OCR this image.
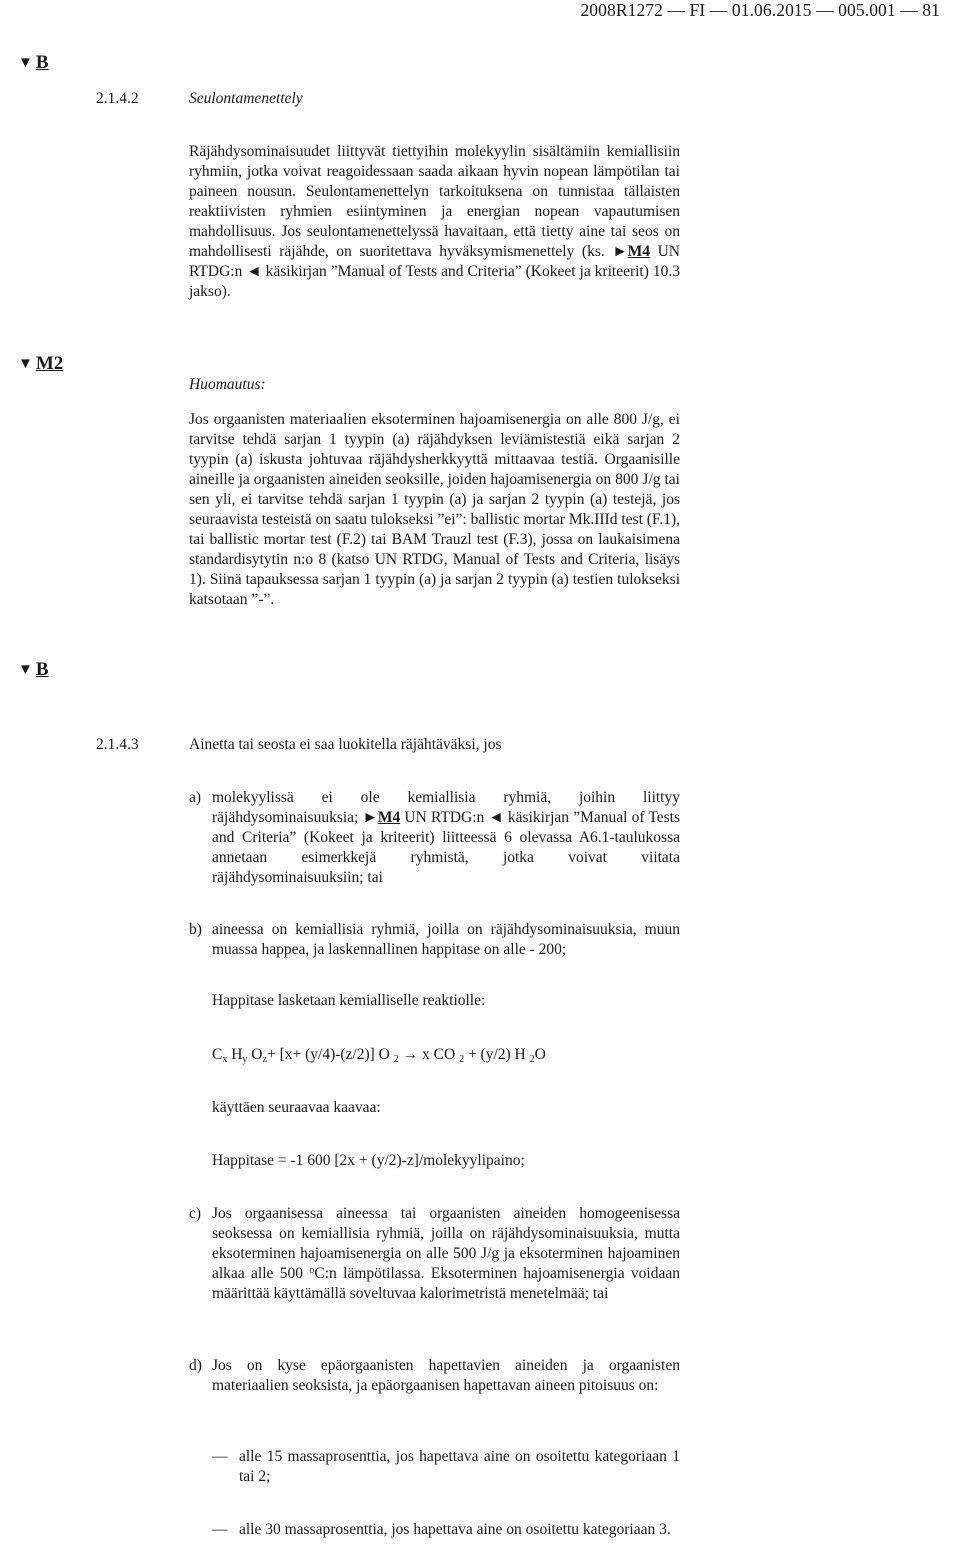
2008R1272 — FI — 01.06.2015 — 005.001 — 81
▼ B
2.1.4.2	Seulontamenettely
Räjähdysominaisuudet liittyvät tiettyihin molekyylin sisältämiin kemiallisiin ryhmiin, jotka voivat reagoidessaan saada aikaan hyvin nopean lämpötilan tai paineen nousun. Seulontamenettelyn tarkoituksena on tunnistaa tällaisten reaktiivisten ryhmien esiintyminen ja energian nopean vapautumisen mahdollisuus. Jos seulontamenettelyssä havaitaan, että tietty aine tai seos on mahdollisesti räjähde, on suoritettava hyväksymismenettely (ks. ►M4 UN RTDG:n ◄ käsikirjan ”Manual of Tests and Criteria” (Kokeet ja kriteerit) 10.3 jakso).
▼ M2
Huomautus:
Jos orgaanisten materiaalien eksoterminen hajoamisenergia on alle 800 J/g, ei tarvitse tehdä sarjan 1 tyypin (a) räjähdyksen leviämistestiä eikä sarjan 2 tyypin (a) iskusta johtuvaa räjähdysherkkyyttä mittaavaa testiä. Orgaanisille aineille ja orgaanisten aineiden seoksille, joiden hajoamisenergia on 800 J/g tai sen yli, ei tarvitse tehdä sarjan 1 tyypin (a) ja sarjan 2 tyypin (a) testejä, jos seuraavista testeistä on saatu tulokseksi ”ei”: ballistic mortar Mk.IIId test (F.1), tai ballistic mortar test (F.2) tai BAM Trauzl test (F.3), jossa on laukaisimena standardisytytin n:o 8 (katso UN RTDG, Manual of Tests and Criteria, lisäys 1). Siinä tapauksessa sarjan 1 tyypin (a) ja sarjan 2 tyypin (a) testien tulokseksi katsotaan ”-”.
▼ B
2.1.4.3	Ainetta tai seosta ei saa luokitella räjähtäväksi, jos
a) molekyylissä ei ole kemiallisia ryhmiä, joihin liittyy räjähdysominaisuuksia; ►M4 UN RTDG:n ◄ käsikirjan ”Manual of Tests and Criteria” (Kokeet ja kriteerit) liitteessä 6 olevassa A6.1-taulukossa annetaan esimerkkejä ryhmistä, jotka voivat viitata räjähdysominaisuuksiin; tai
b) aineessa on kemiallisia ryhmiä, joilla on räjähdysominaisuuksia, muun muassa happea, ja laskennallinen happitase on alle - 200;
Happitase lasketaan kemialliselle reaktiolle:
$C_x$ $H_y$ $O_z+ [x+ (y/4)-(z/2)]$ O $_2$ → x CO $_2$ + (y/2) H $_2$O
käyttäen seuraavaa kaavaa:
Happitase = -1 600 [2x + (y/2)-z]/molekyylipaino;
c) Jos orgaanisessa aineessa tai orgaanisten aineiden homogeenisessa seoksessa on kemiallisia ryhmiä, joilla on räjähdysominaisuuksia, mutta eksoterminen hajoamisenergia on alle 500 J/g ja eksoterminen hajoaminen alkaa alle 500 $^o$C:n lämpötilassa. Eksoterminen hajoamisenergia voidaan määrittää käyttämällä soveltuvaa kalorimetristä menetelmää; tai
d) Jos on kyse epäorgaanisten hapettavien aineiden ja orgaanisten materiaalien seoksista, ja epäorgaanisen hapettavan aineen pitoisuus on:
— alle 15 massaprosenttia, jos hapettava aine on osoitettu kategoriaan 1 tai 2;
— alle 30 massaprosenttia, jos hapettava aine on osoitettu kategoriaan 3.
